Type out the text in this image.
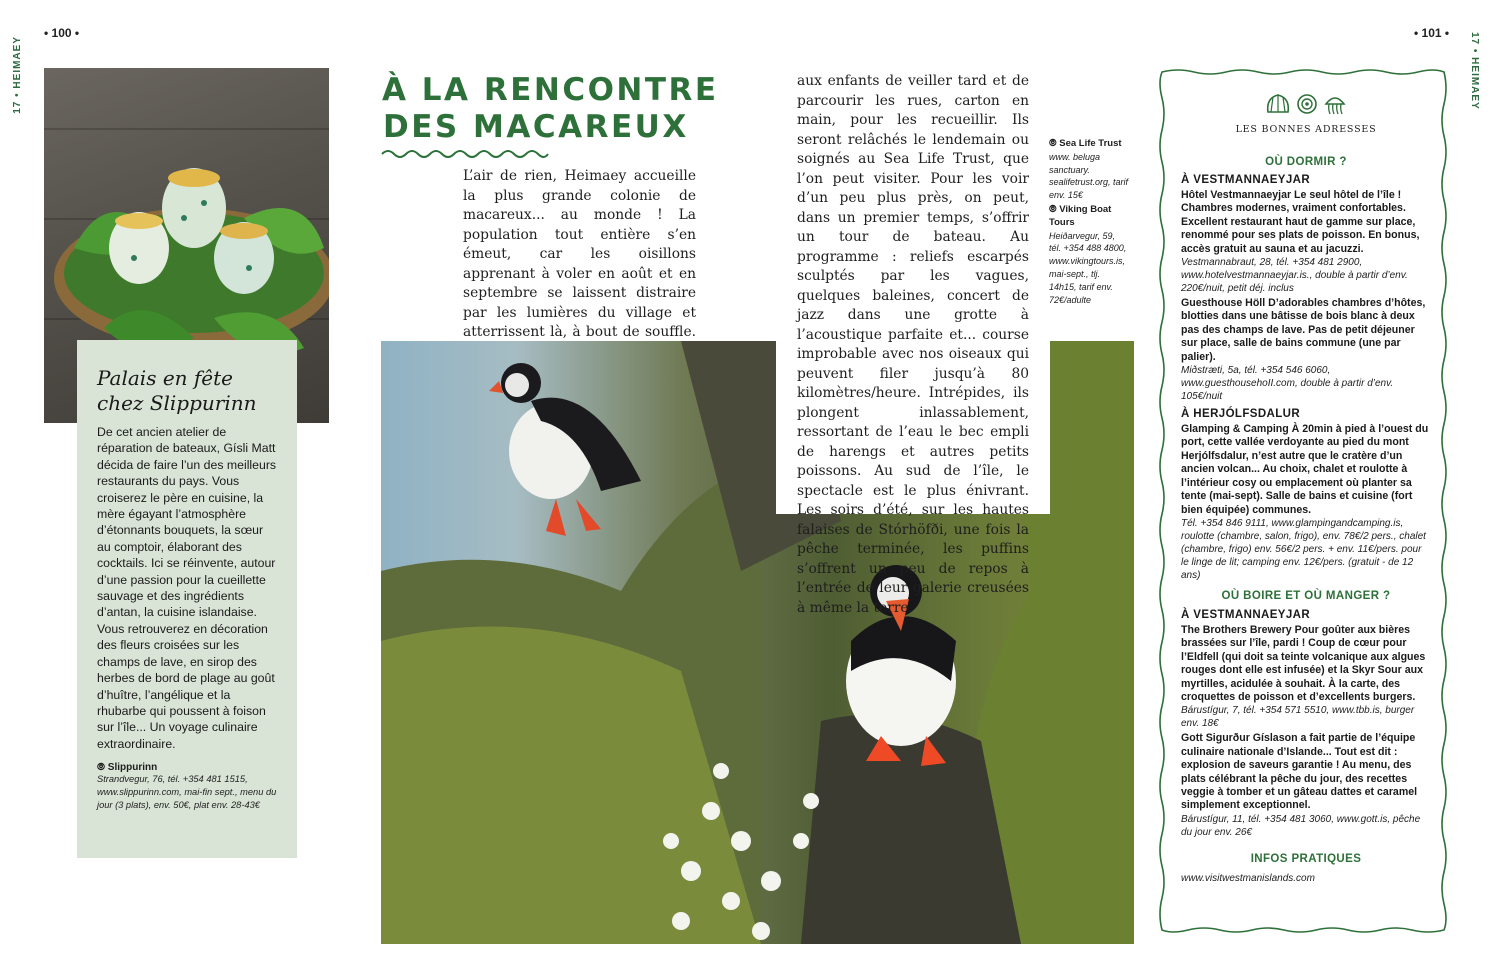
• 100 •	• 101 •
17 • HEIMAEY	17 • HEIMAEY
Palais en fête
chez Slippurinn

De cet ancien atelier de réparation de bateaux, Gísli Matt décida de faire l’un des meilleurs restaurants du pays. Vous croiserez le père en cuisine, la mère égayant l’atmosphère d’étonnants bouquets, la sœur au comptoir, élaborant des cocktails. Ici se réinvente, autour d’une passion pour la cueillette sauvage et des ingrédients d’antan, la cuisine islandaise. Vous retrouverez en décoration des fleurs croisées sur les champs de lave, en sirop des herbes de bord de plage au goût d’huître, l’angélique et la rhubarbe qui poussent à foison sur l’île... Un voyage culinaire extraordinaire.

⦾ Slippurinn
Strandvegur, 76, tél. +354 481 1515, www.slippurinn.com, mai-fin sept., menu du jour (3 plats), env. 50€, plat env. 28-43€
À LA RENCONTRE
DES MACAREUX

L’air de rien, Heimaey accueille la plus grande colonie de macareux... au monde ! La population tout entière s’en émeut, car les oisillons apprenant à voler en août et en septembre se laissent distraire par les lumières du village et atterrissent là, à bout de souffle.

aux enfants de veiller tard et de parcourir les rues, carton en main, pour les recueillir. Ils seront relâchés le lendemain ou soignés au Sea Life Trust, que l’on peut visiter. Pour les voir d’un peu plus près, on peut, dans un premier temps, s’offrir un tour de bateau. Au programme : reliefs escarpés sculptés par les vagues, quelques baleines, concert de jazz dans une grotte à l’acoustique parfaite et... course improbable avec nos oiseaux qui peuvent filer jusqu’à 80 kilomètres/heure. Intrépides, ils plongent inlassablement, ressortant de l’eau le bec empli de harengs et autres petits poissons. Au sud de l’île, le spectacle est le plus énivrant. Les soirs d’été, sur les hautes falaises de Stórhöfði, une fois la pêche terminée, les puffins s’offrent un peu de repos à l’entrée de leur galerie creusées à même la terre.

⦾ Sea Life Trust
www. beluga sanctuary. sealifetrust.org, tarif env. 15€
⦾ Viking Boat Tours
Heiðarvegur, 59, tél. +354 488 4800, www.vikingtours.is, mai-sept., tlj. 14h15, tarif env. 72€/adulte
LES BONNES ADRESSES
OÙ DORMIR ?
À VESTMANNAEYJAR
Hôtel Vestmannaeyjar Le seul hôtel de l’île ! Chambres modernes, vraiment confortables. Excellent restaurant haut de gamme sur place, renommé pour ses plats de poisson. En bonus, accès gratuit au sauna et au jacuzzi.
Vestmannabraut, 28, tél. +354 481 2900, www.hotelvestmannaeyjar.is., double à partir d’env. 220€/nuit, petit déj. inclus
Guesthouse Höll D’adorables chambres d’hôtes, blotties dans une bâtisse de bois blanc à deux pas des champs de lave. Pas de petit déjeuner sur place, salle de bains commune (une par palier).
Miðstræti, 5a, tél. +354 546 6060, www.guesthousehoII.com, double à partir d’env. 105€/nuit
À HERJÓLFSDALUR
Glamping & Camping À 20min à pied à l’ouest du port, cette vallée verdoyante au pied du mont Herjólfsdalur, n’est autre que le cratère d’un ancien volcan... Au choix, chalet et roulotte à l’intérieur cosy ou emplacement où planter sa tente (mai-sept). Salle de bains et cuisine (fort bien équipée) communes.
Tél. +354 846 9111, www.glampingandcamping.is, roulotte (chambre, salon, frigo), env. 78€/2 pers., chalet (chambre, frigo) env. 56€/2 pers. + env. 11€/pers. pour le linge de lit; camping env. 12€/pers. (gratuit - de 12 ans)
OÙ BOIRE ET OÙ MANGER ?
À VESTMANNAEYJAR
The Brothers Brewery Pour goûter aux bières brassées sur l’île, pardi ! Coup de cœur pour l’Eldfell (qui doit sa teinte volcanique aux algues rouges dont elle est infusée) et la Skyr Sour aux myrtilles, acidulée à souhait. À la carte, des croquettes de poisson et d’excellents burgers.
Bárustígur, 7, tél. +354 571 5510, www.tbb.is, burger env. 18€
Gott Sigurður Gíslason a fait partie de l’équipe culinaire nationale d’Islande... Tout est dit : explosion de saveurs garantie ! Au menu, des plats célébrant la pêche du jour, des recettes veggie à tomber et un gâteau dattes et caramel simplement exceptionnel.
Bárustígur, 11, tél. +354 481 3060, www.gott.is, pêche du jour env. 26€
INFOS PRATIQUES
www.visitwestmanislands.com
